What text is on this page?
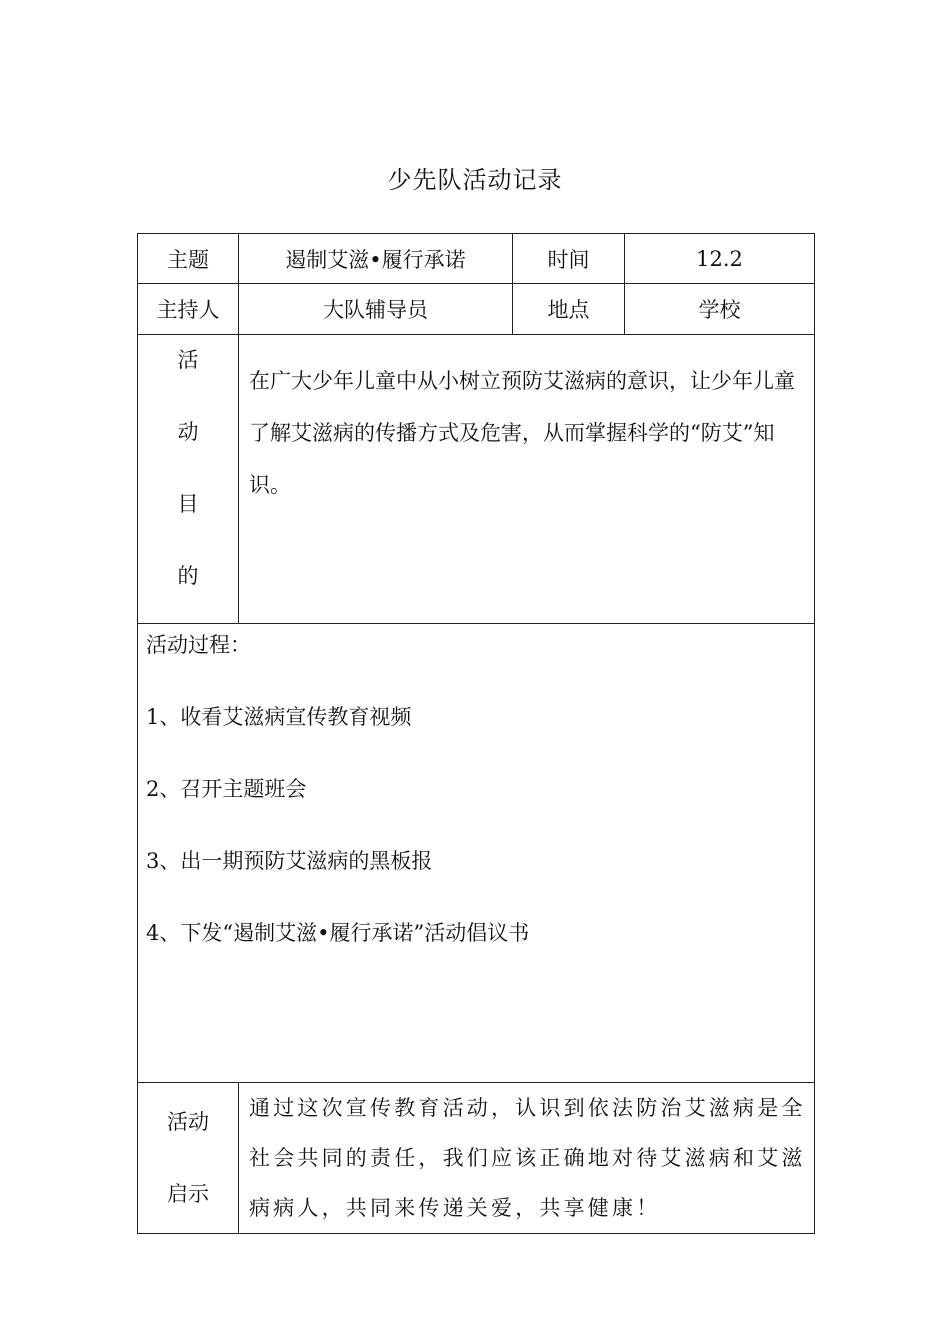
少先队活动记录
主题	遏制艾滋•履行承诺	时间	12.2
主持人	大队辅导员	地点	学校

活
动
目
的	在广大少年儿童中从小树立预防艾滋病的意识，让少年儿童了解艾滋病的传播方式及危害，从而掌握科学的“防艾”知识。		

活动过程：
1、收看艾滋病宣传教育视频
2、召开主题班会
3、出一期预防艾滋病的黑板报
4、下发“遏制艾滋•履行承诺”活动倡议书			

活动
启示	通过这次宣传教育活动，认识到依法防治艾滋病是全社会共同的责任，我们应该正确地对待艾滋病和艾滋病病人，共同来传递关爱，共享健康！		
